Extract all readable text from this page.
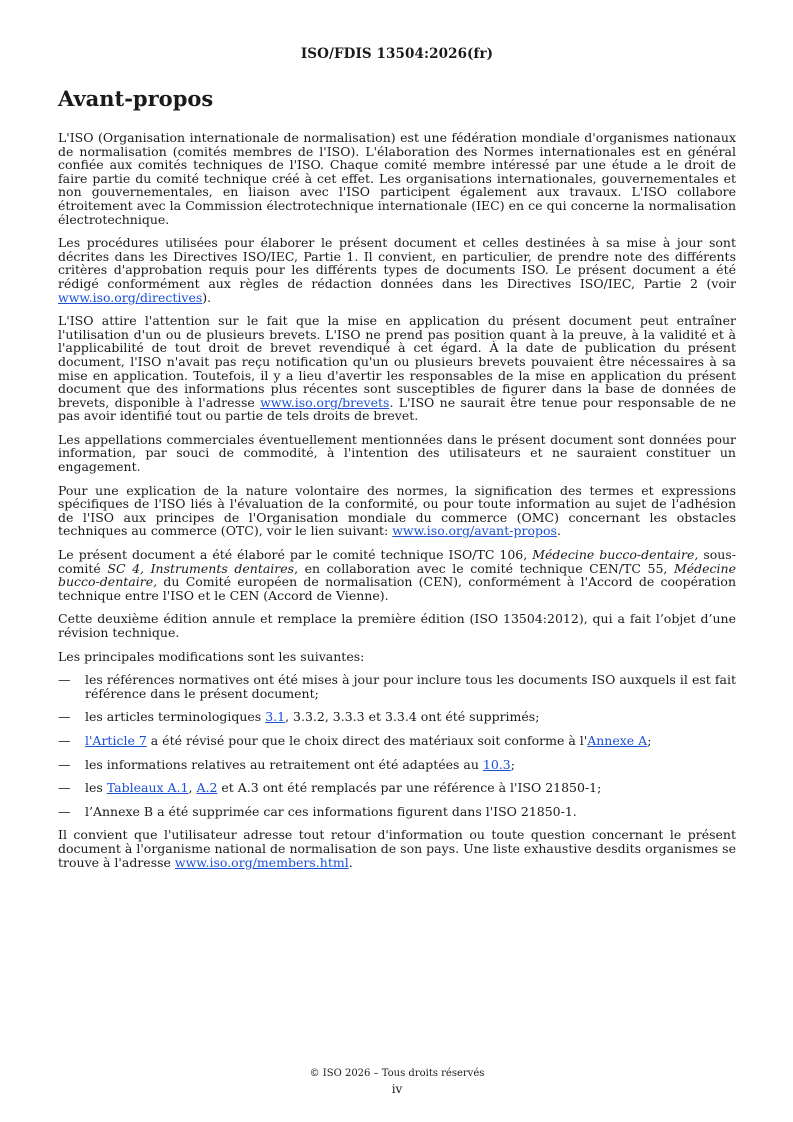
ISO/FDIS 13504:2026(fr)
Avant-propos

L'ISO (Organisation internationale de normalisation) est une fédération mondiale d'organismes nationaux de normalisation (comités membres de l'ISO). L'élaboration des Normes internationales est en général confiée aux comités techniques de l'ISO. Chaque comité membre intéressé par une étude a le droit de faire partie du comité technique créé à cet effet. Les organisations internationales, gouvernementales et non gouvernementales, en liaison avec l'ISO participent également aux travaux. L'ISO collabore étroitement avec la Commission électrotechnique internationale (IEC) en ce qui concerne la normalisation électrotechnique.

Les procédures utilisées pour élaborer le présent document et celles destinées à sa mise à jour sont décrites dans les Directives ISO/IEC, Partie 1. Il convient, en particulier, de prendre note des différents critères d'approbation requis pour les différents types de documents ISO. Le présent document a été rédigé conformément aux règles de rédaction données dans les Directives ISO/IEC, Partie 2 (voir www.iso.org/directives).

L'ISO attire l'attention sur le fait que la mise en application du présent document peut entraîner l'utilisation d'un ou de plusieurs brevets. L'ISO ne prend pas position quant à la preuve, à la validité et à l'applicabilité de tout droit de brevet revendiqué à cet égard. À la date de publication du présent document, l'ISO n'avait pas reçu notification qu'un ou plusieurs brevets pouvaient être nécessaires à sa mise en application. Toutefois, il y a lieu d'avertir les responsables de la mise en application du présent document que des informations plus récentes sont susceptibles de figurer dans la base de données de brevets, disponible à l'adresse www.iso.org/brevets. L'ISO ne saurait être tenue pour responsable de ne pas avoir identifié tout ou partie de tels droits de brevet.

Les appellations commerciales éventuellement mentionnées dans le présent document sont données pour information, par souci de commodité, à l'intention des utilisateurs et ne sauraient constituer un engagement.

Pour une explication de la nature volontaire des normes, la signification des termes et expressions spécifiques de l'ISO liés à l'évaluation de la conformité, ou pour toute information au sujet de l'adhésion de l'ISO aux principes de l'Organisation mondiale du commerce (OMC) concernant les obstacles techniques au commerce (OTC), voir le lien suivant: www.iso.org/avant-propos.

Le présent document a été élaboré par le comité technique ISO/TC 106, Médecine bucco-dentaire, sous-comité SC 4, Instruments dentaires, en collaboration avec le comité technique CEN/TC 55, Médecine bucco-dentaire, du Comité européen de normalisation (CEN), conformément à l'Accord de coopération technique entre l'ISO et le CEN (Accord de Vienne).

Cette deuxième édition annule et remplace la première édition (ISO 13504:2012), qui a fait l’objet d’une révision technique.

Les principales modifications sont les suivantes:

— les références normatives ont été mises à jour pour inclure tous les documents ISO auxquels il est fait référence dans le présent document;
— les articles terminologiques 3.1, 3.3.2, 3.3.3 et 3.3.4 ont été supprimés;
— l'Article 7 a été révisé pour que le choix direct des matériaux soit conforme à l'Annexe A;
— les informations relatives au retraitement ont été adaptées au 10.3;
— les Tableaux A.1, A.2 et A.3 ont été remplacés par une référence à l'ISO 21850-1;
— l’Annexe B a été supprimée car ces informations figurent dans l'ISO 21850-1.

Il convient que l'utilisateur adresse tout retour d'information ou toute question concernant le présent document à l'organisme national de normalisation de son pays. Une liste exhaustive desdits organismes se trouve à l'adresse www.iso.org/members.html.

© ISO 2026 – Tous droits réservés
iv
